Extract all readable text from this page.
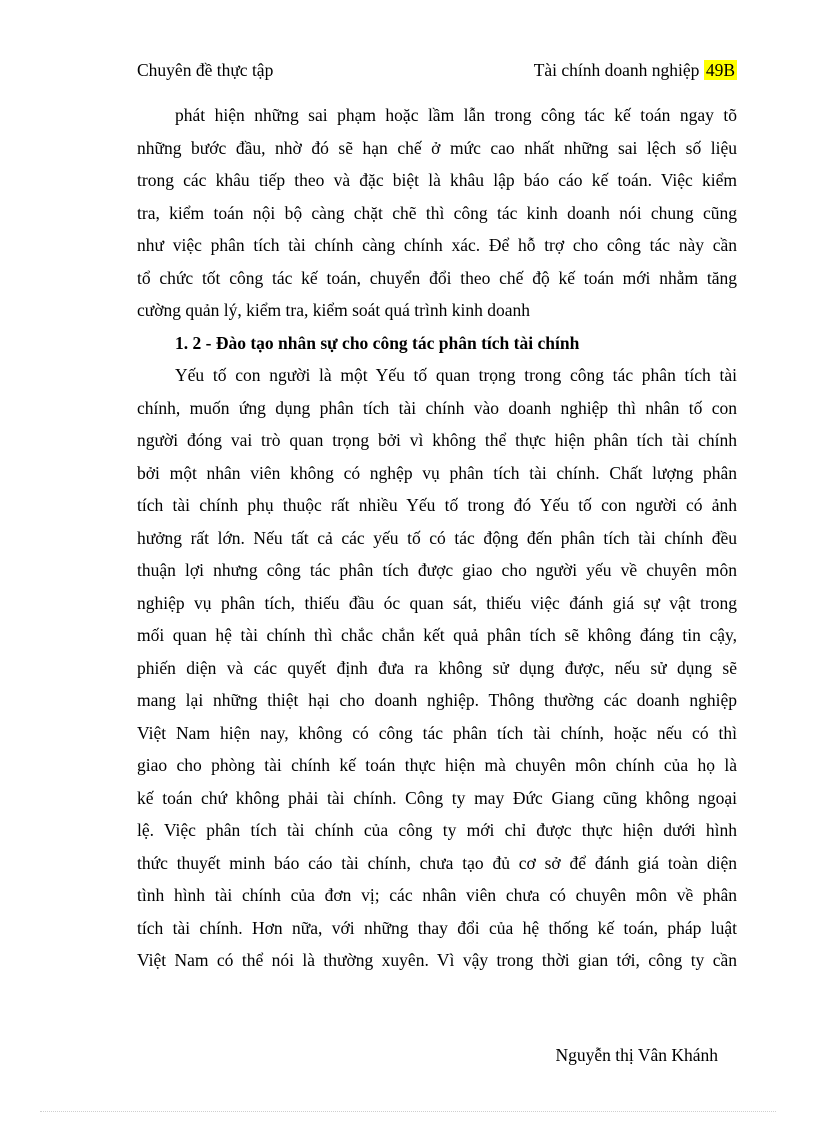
Chuyên đề thực tập	Tài chính doanh nghiệp 49B
phát hiện những sai phạm hoặc lầm lẫn trong công tác kế toán ngay tõ
những bước đầu, nhờ đó sẽ hạn chế ở mức cao nhất những sai lệch số liệu
trong các khâu tiếp theo và đặc biệt là khâu lập báo cáo kế toán. Việc kiểm
tra, kiểm toán nội bộ càng chặt chẽ thì công tác kinh doanh nói chung cũng
như việc phân tích tài chính càng chính xác. Để hỗ trợ cho công tác này cần
tổ chức tốt công tác kế toán, chuyển đổi theo chế độ kế toán mới nhằm tăng
cường quản lý, kiểm tra, kiểm soát quá trình kinh doanh
1. 2 - Đào tạo nhân sự cho công tác phân tích tài chính
Yếu tố con người là một Yếu tố quan trọng trong công tác phân tích tài
chính, muốn ứng dụng phân tích tài chính vào doanh nghiệp thì nhân tố con
người đóng vai trò quan trọng bởi vì không thể thực hiện phân tích tài chính
bởi một nhân viên không có nghệp vụ phân tích tài chính. Chất lượng phân
tích tài chính phụ thuộc rất nhiều Yếu tố trong đó Yếu tố con người có ảnh
hưởng rất lớn. Nếu tất cả các yếu tố có tác động đến phân tích tài chính đều
thuận lợi nhưng công tác phân tích được giao cho người yếu về chuyên môn
nghiệp vụ phân tích, thiếu đầu óc quan sát, thiếu việc đánh giá sự vật trong
mối quan hệ tài chính thì chắc chắn kết quả phân tích sẽ không đáng tin cậy,
phiến diện và các quyết định đưa ra không sử dụng được, nếu sử dụng sẽ
mang lại những thiệt hại cho doanh nghiệp. Thông thường các doanh nghiệp
Việt Nam hiện nay, không có công tác phân tích tài chính, hoặc nếu có thì
giao cho phòng tài chính kế toán thực hiện mà chuyên môn chính của họ là
kế toán chứ không phải tài chính. Công ty may Đức Giang cũng không ngoại
lệ. Việc phân tích tài chính của công ty mới chỉ được thực hiện dưới hình
thức thuyết minh báo cáo tài chính, chưa tạo đủ cơ sở để đánh giá toàn diện
tình hình tài chính của đơn vị; các nhân viên chưa có chuyên môn về phân
tích tài chính. Hơn nữa, với những thay đổi của hệ thống kế toán, pháp luật
Việt Nam có thể nói là thường xuyên. Vì vậy trong thời gian tới, công ty cần
Nguyễn thị Vân Khánh
